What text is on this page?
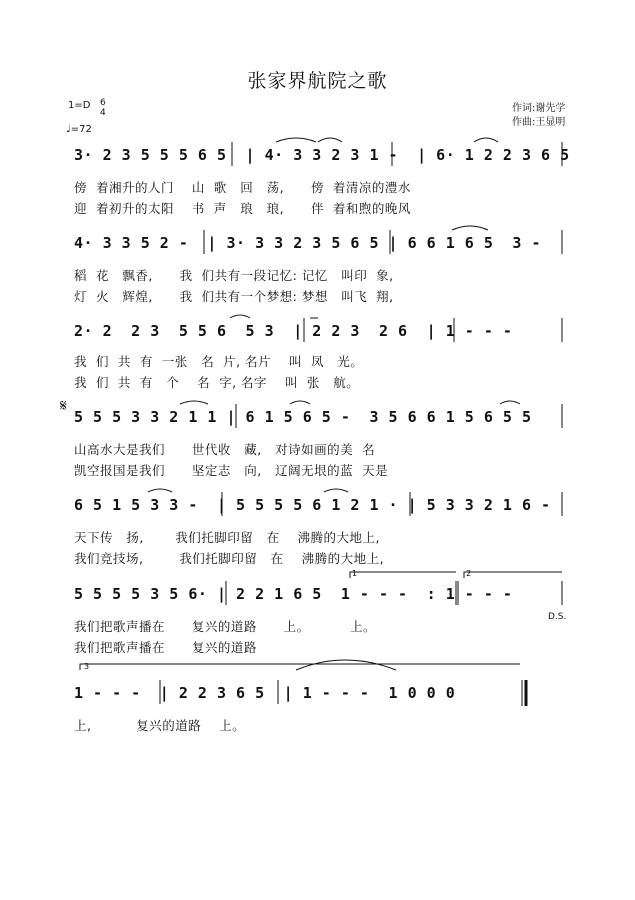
张家界航院之歌
1=D 6
4
♩=72
作词:谢先学
作曲:王显明
3· 2 3 5 5 5 6 5  | 4· 3 3 2 3 1 -  | 6· 1 2 2 3 6 5
傍  着湘升的人门    山  歌   回   荡,      傍  着清凉的澧水
迎  着初升的太阳    书  声   琅   琅,      伴  着和煦的晚风
4· 3 3 5 2 -  | 3· 3 3 2 3 5 6 5 | 6 6 1 6 5  3 -
稻  花   飘香,      我  们共有一段记忆: 记忆   叫印  象,
灯  火   辉煌,      我  们共有一个梦想: 梦想   叫飞  翔,
2· 2  2 3  5 5 6  5 3  | 2 2 3  2 6  | 1 - - -
我  们  共  有  一张   名  片, 名片    叫  凤   光。
我  们  共  有   个    名  字, 名字    叫  张   航。
𝄋
5 5 5 3 3 2 1 1 | 6 1 5 6 5 -  3 5 6 6 1 5 6 5 5
山高水大是我们      世代收   藏,   对诗如画的美  名
凯空报国是我们      坚定志   向,   辽阔无垠的蓝  天是
6 5 1 5 3 3 -  | 5 5 5 5 6 1 2 1 · | 5 3 3 2 1 6 -
天下传   扬,       我们托脚印留   在    沸腾的大地上,
我们竞技场,        我们托脚印留   在    沸腾的大地上,
5 5 5 5 3 5 6· | 2 2 1 6 5  1 - - -  : 1 - - -
我们把歌声播在      复兴的道路      上。         上。
我们把歌声播在      复兴的道路
D.S.
1 - - -  | 2 2 3 6 5  | 1 - - -  1 0 0 0
上,          复兴的道路    上。
1	2
3
